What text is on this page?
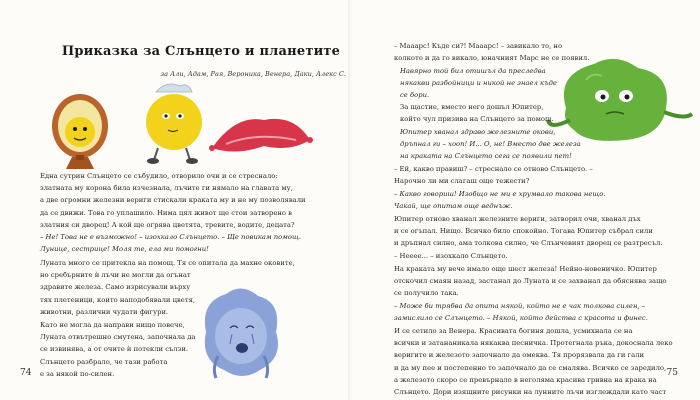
Приказка за Слънцето и планетите
за Али, Адам, Рая, Вероника, Венера, Даки, Алекс С.
Една сутрин Слънцето се събудило, отворило очи и се стреснало:
златната му корона била изчезнала, лъчите ги нямало на главата му,
а две огромни железни вериги стискали краката му и не му позволявали
да се движи. Това го уплашило. Нима цял живот ще стои затворено в
златния си дворец! А кой ще огрява цветята, тревите, водите, децата?
– Не! Това не е възможно! – изохкало Слънцето. – Ще повикам помощ.
Лунице, сестрице! Моля те, ела ми помогни!
Луната много се притекла на помощ. Тя се опитала да махне оковите,
но сребърните ѝ лъчи не могли да огънат
здравите железа. Само изрисували върху
тях плетеници, които наподобявали цветя,
животни, различни чудати фигури.
Като не могла да направи нищо повече,
Луната отвътрешно смутена, започнала да
се извинява, а от очите ѝ потекли сълзи.
Слънцето разбрало, че тази работа
е за някой по-силен.
74
– Мааарс! Къде си?! Мааарс! – завикало то, но
колкото и да го викало, юначният Марс не се появил.
Навярно той бил отишъл да преследва
някакви разбойници и никой не знаел къде
се бори.
За щастие, вместо него дошъл Юпитер,
който чул призива на Слънцето за помощ.
Юпитер хванал здраво железните окови,
дръпнал ги – хооп! И... О, не! Вместо две железа
на краката на Слънцето сега се появили пет!
– Ей, какво правиш? – стреснало се отново Слънцето. –
Нарочно ли ми слагаш още тежести?
– Какво говориш! Изобщо не ми е хрумвало такова нещо.
Чакай, ще опитам още веднъж.
Юпитер отново хванал железните вериги, затворил очи, хванал дъх
и се огъпал. Нищо. Всичко било спокойно. Тогава Юпитер събрал сили
и дръпнал силно, ама толкова силно, че Слънчевият дворец се разтресъл.
– Нееее... – изохкало Слънцето.
На краката му вече имало още шест железа! Нейно-новеничко. Юпитер
отскочил смаян назад, застанал до Луната и се захванал да обяснява защо
се получило така.
– Може би трябва да опита някой, който не е чак толкова силен, –
замислило се Слънцето. – Някой, който действа с красота и финес.
И се сетило за Венера. Красивата богиня дошла, усмихнала се на
всички и затананикала някаква песничка. Протегнала ръка, докоснала леко
веригите и железото започнало да омеква. Тя прорязвала да ги гали
и да му пее и постепенно то започнало да се смалява. Всичко се заредило,
а железото скоро се превърнало в неголяма красива гривна на крака на
Слънцето. Дори изящните рисунки на лунните лъчи изглеждали като част
75
